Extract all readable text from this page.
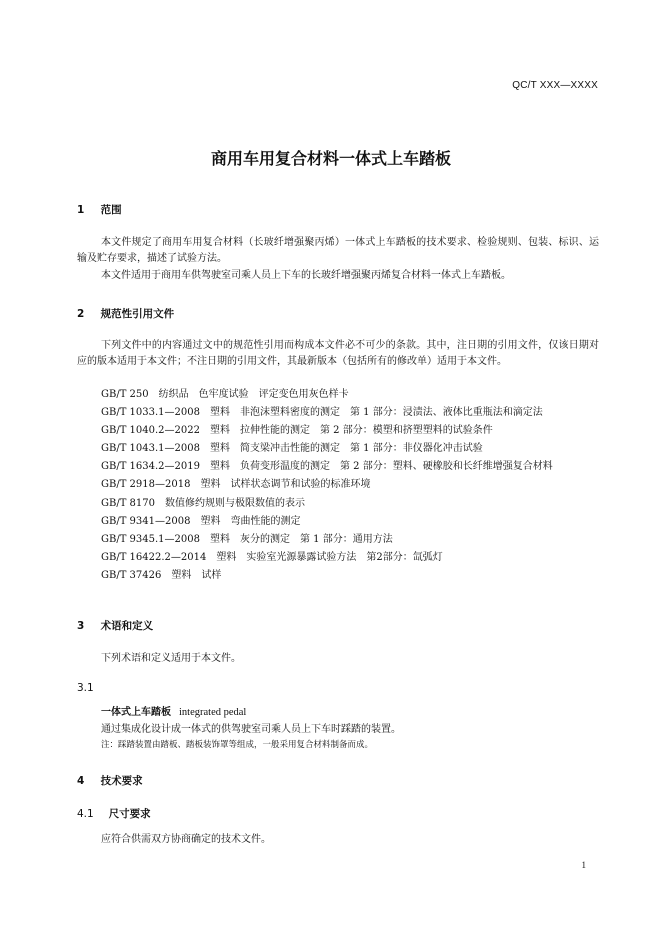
QC/T XXX—XXXX
商用车用复合材料一体式上车踏板
1 范围
本文件规定了商用车用复合材料（长玻纤增强聚丙烯）一体式上车踏板的技术要求、检验规则、包装、标识、运输及贮存要求，描述了试验方法。
本文件适用于商用车供驾驶室司乘人员上下车的长玻纤增强聚丙烯复合材料一体式上车踏板。
2 规范性引用文件
下列文件中的内容通过文中的规范性引用而构成本文件必不可少的条款。其中，注日期的引用文件，仅该日期对应的版本适用于本文件；不注日期的引用文件，其最新版本（包括所有的修改单）适用于本文件。
GB/T 250　纺织品　色牢度试验　评定变色用灰色样卡
GB/T 1033.1—2008　塑料　非泡沫塑料密度的测定　第 1 部分：浸渍法、液体比重瓶法和滴定法
GB/T 1040.2—2022　塑料　拉伸性能的测定　第 2 部分：模塑和挤塑塑料的试验条件
GB/T 1043.1—2008　塑料　简支梁冲击性能的测定　第 1 部分：非仪器化冲击试验
GB/T 1634.2—2019　塑料　负荷变形温度的测定　第 2 部分：塑料、硬橡胶和长纤维增强复合材料
GB/T 2918—2018　塑料　试样状态调节和试验的标准环境
GB/T 8170　数值修约规则与极限数值的表示
GB/T 9341—2008　塑料　弯曲性能的测定
GB/T 9345.1—2008　塑料　灰分的测定　第 1 部分：通用方法
GB/T 16422.2—2014　塑料　实验室光源暴露试验方法　第2部分：氙弧灯
GB/T 37426　塑料　试样
3 术语和定义
下列术语和定义适用于本文件。
3.1
一体式上车踏板 integrated pedal
通过集成化设计成一体式的供驾驶室司乘人员上下车时踩踏的装置。
注：踩踏装置由踏板、踏板装饰罩等组成，一般采用复合材料制备而成。
4 技术要求
4.1 尺寸要求
应符合供需双方协商确定的技术文件。
1
